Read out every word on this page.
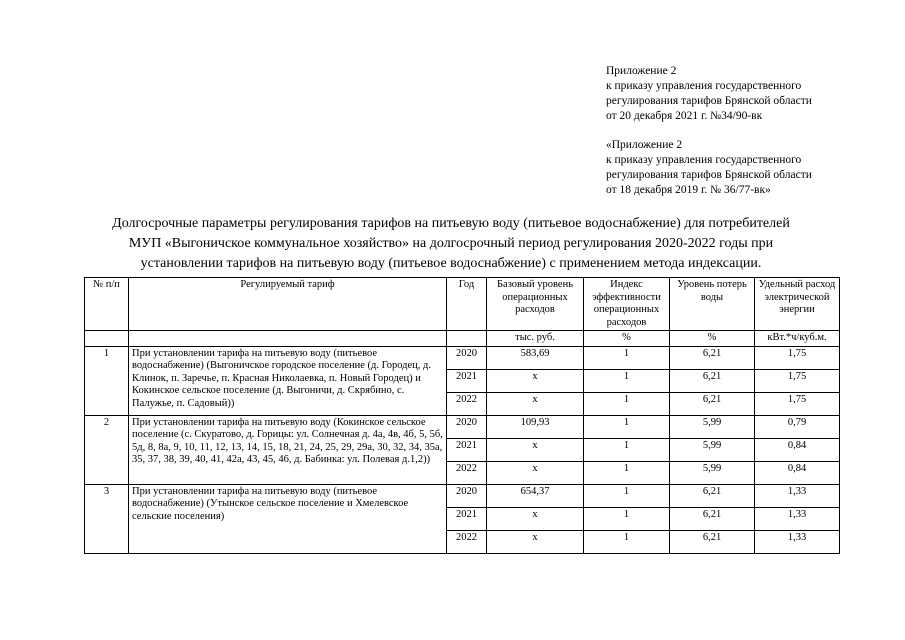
Приложение 2
к приказу управления государственного
регулирования тарифов Брянской области
от 20 декабря 2021 г. №34/90-вк
«Приложение 2
к приказу управления государственного
регулирования тарифов Брянской области
от 18 декабря 2019 г. № 36/77-вк»
Долгосрочные параметры регулирования тарифов на питьевую воду (питьевое водоснабжение) для потребителей
МУП «Выгоничское коммунальное хозяйство» на долгосрочный период регулирования 2020-2022 годы при
установлении тарифов на питьевую воду (питьевое водоснабжение) с применением метода индексации.
№ п/п	Регулируемый тариф	Год	Базовый уровень операционных расходов	Индекс эффективности операционных расходов	Уровень потерь воды	Удельный расход электрической энергии
			тыс. руб.	%	%	кВт.*ч/куб.м.
1	При установлении тарифа на питьевую воду (питьевое водоснабжение) (Выгоничское городское поселение (д. Городец, д. Клинок, п. Заречье, п. Красная Николаевка, п. Новый Городец) и Кокинское сельское поселение (д. Выгоничи, д. Скрябино, с. Палужье, п. Садовый))	2020	583,69	1	6,21	1,75
		2021	х	1	6,21	1,75
		2022	х	1	6,21	1,75
2	При установлении тарифа на питьевую воду (Кокинское сельское поселение (с. Скуратово, д. Горицы: ул. Солнечная д. 4а, 4в, 4б, 5, 5б, 5д, 8, 8а, 9, 10, 11, 12, 13, 14, 15, 18, 21, 24, 25, 29, 29а, 30, 32, 34, 35а, 35, 37, 38, 39, 40, 41, 42а, 43, 45, 46, д. Бабинка: ул. Полевая д.1,2))	2020	109,93	1	5,99	0,79
		2021	х	1	5,99	0,84
		2022	х	1	5,99	0,84
3	При установлении тарифа на питьевую воду (питьевое водоснабжение) (Утынское сельское поселение и Хмелевское сельские поселения)	2020	654,37	1	6,21	1,33
		2021	х	1	6,21	1,33
		2022	х	1	6,21	1,33
